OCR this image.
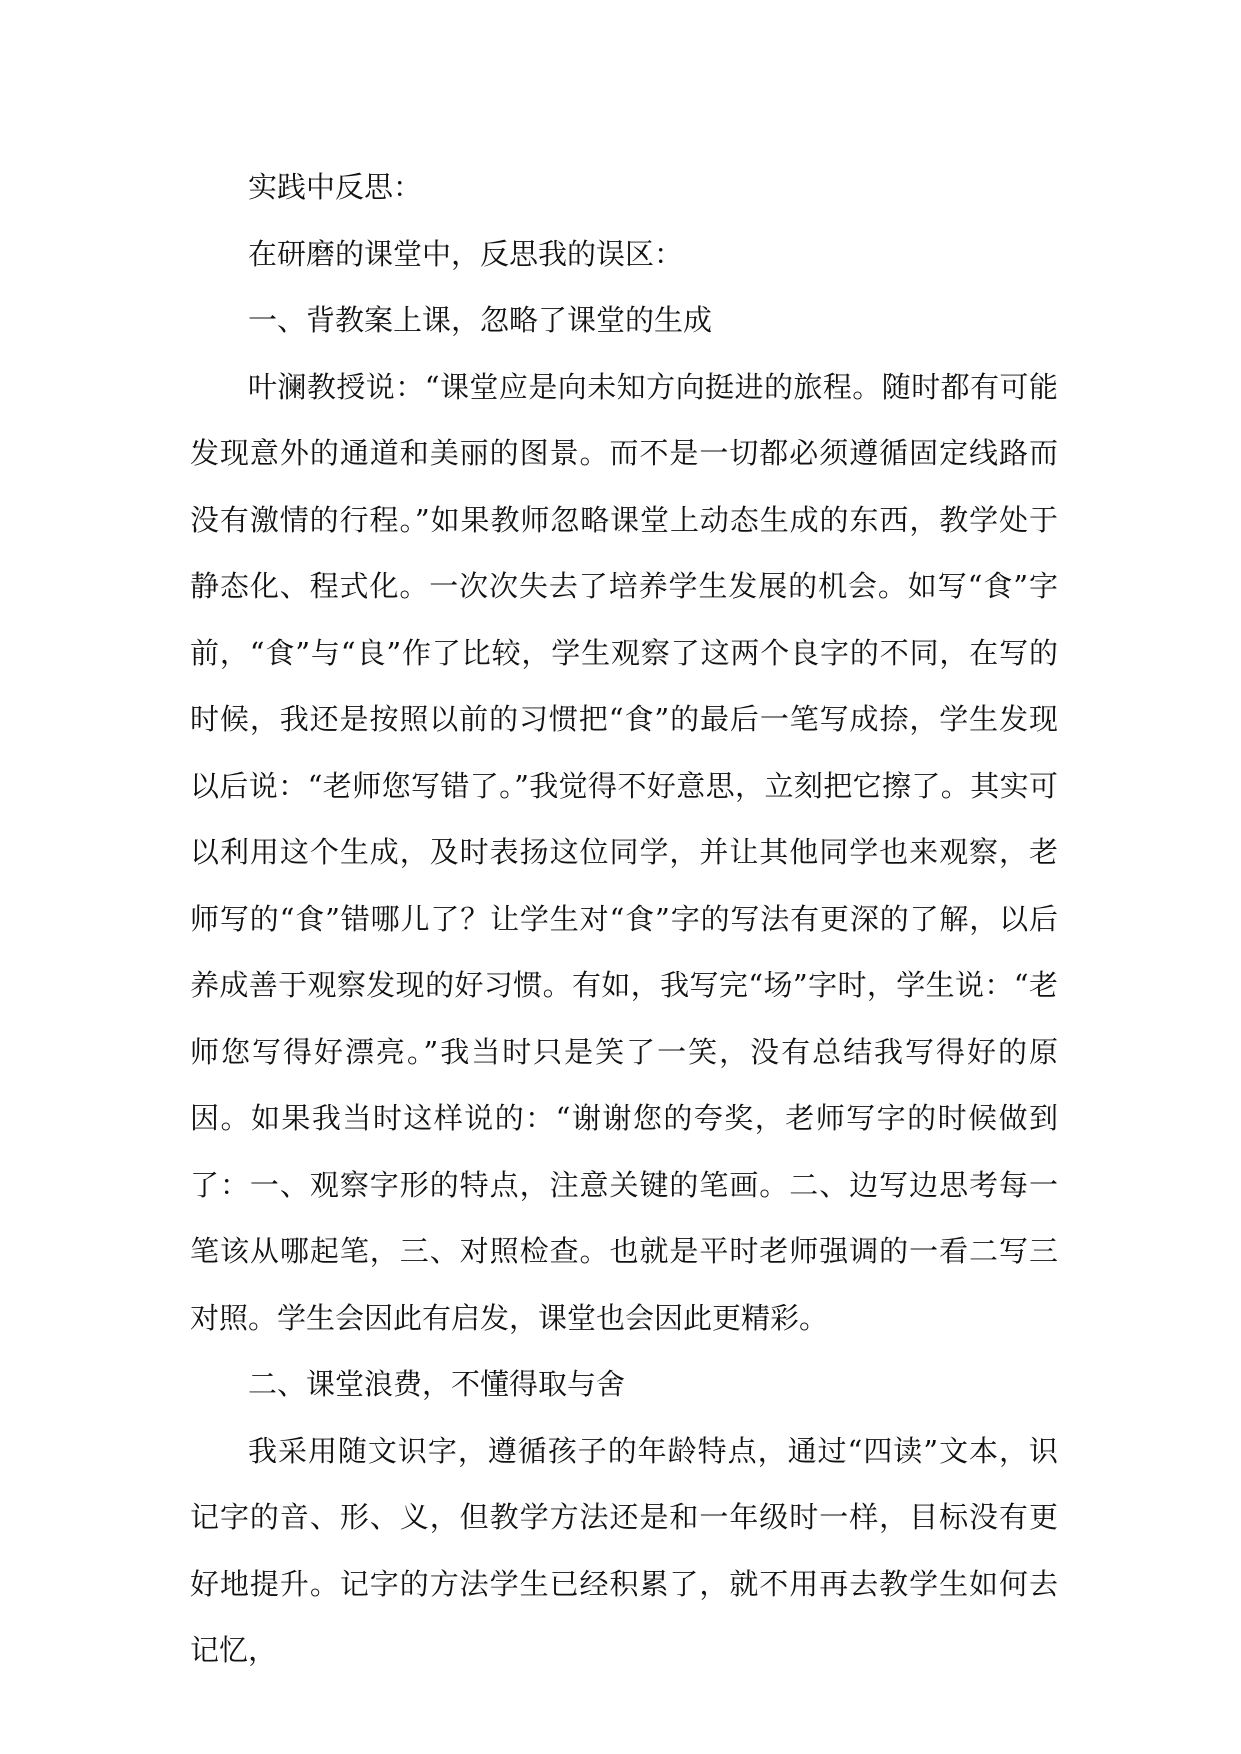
实践中反思：

在研磨的课堂中，反思我的误区：

一、背教案上课，忽略了课堂的生成

叶澜教授说：“课堂应是向未知方向挺进的旅程。随时都有可能发现意外的通道和美丽的图景。而不是一切都必须遵循固定线路而没有激情的行程。”如果教师忽略课堂上动态生成的东西，教学处于静态化、程式化。一次次失去了培养学生发展的机会。如写“食”字前，“食”与“良”作了比较，学生观察了这两个良字的不同，在写的时候，我还是按照以前的习惯把“食”的最后一笔写成捺，学生发现以后说：“老师您写错了。”我觉得不好意思，立刻把它擦了。其实可以利用这个生成，及时表扬这位同学，并让其他同学也来观察，老师写的“食”错哪儿了？让学生对“食”字的写法有更深的了解，以后养成善于观察发现的好习惯。有如，我写完“场”字时，学生说：“老师您写得好漂亮。”我当时只是笑了一笑，没有总结我写得好的原因。如果我当时这样说的：“谢谢您的夸奖，老师写字的时候做到了：一、观察字形的特点，注意关键的笔画。二、边写边思考每一笔该从哪起笔，三、对照检查。也就是平时老师强调的一看二写三对照。学生会因此有启发，课堂也会因此更精彩。

二、课堂浪费，不懂得取与舍

我采用随文识字，遵循孩子的年龄特点，通过“四读”文本，识记字的音、形、义，但教学方法还是和一年级时一样，目标没有更好地提升。记字的方法学生已经积累了，就不用再去教学生如何去记忆，
